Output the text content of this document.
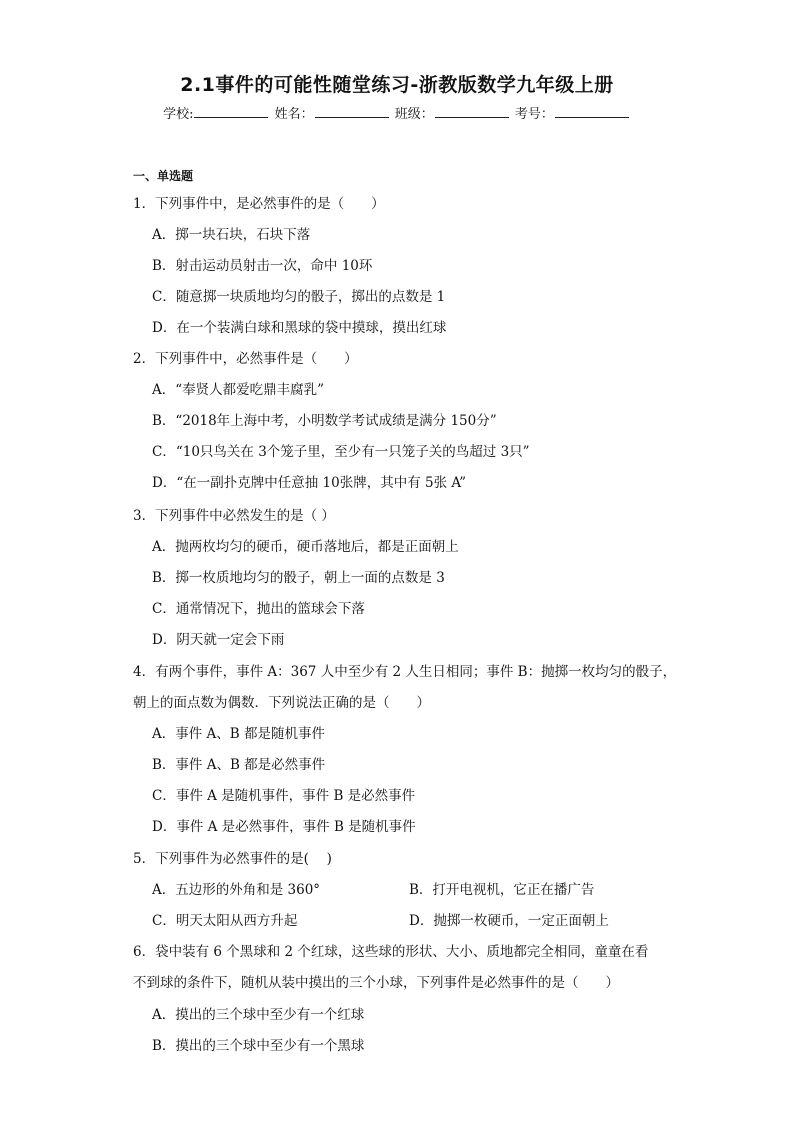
2.1事件的可能性随堂练习-浙教版数学九年级上册
学校:	姓名：	班级：	考号：
一、单选题
1．下列事件中，是必然事件的是（　　）
A．掷一块石块，石块下落
B．射击运动员射击一次，命中 10环
C．随意掷一块质地均匀的骰子，掷出的点数是 1
D．在一个装满白球和黑球的袋中摸球，摸出红球
2．下列事件中，必然事件是（　　）
A．“奉贤人都爱吃鼎丰腐乳”
B．“2018年上海中考，小明数学考试成绩是满分 150分”
C．“10只鸟关在 3个笼子里，至少有一只笼子关的鸟超过 3只”
D．“在一副扑克牌中任意抽 10张牌，其中有 5张 A”
3．下列事件中必然发生的是（ ）
A．抛两枚均匀的硬币，硬币落地后，都是正面朝上
B．掷一枚质地均匀的骰子，朝上一面的点数是 3
C．通常情况下，抛出的篮球会下落
D．阴天就一定会下雨
4．有两个事件，事件 A：367 人中至少有 2 人生日相同；事件 B：抛掷一枚均匀的骰子，
朝上的面点数为偶数．下列说法正确的是（　　）
A．事件 A、B 都是随机事件
B．事件 A、B 都是必然事件
C．事件 A 是随机事件，事件 B 是必然事件
D．事件 A 是必然事件，事件 B 是随机事件
5．下列事件为必然事件的是(　 )
A．五边形的外角和是 360°	B．打开电视机，它正在播广告
C．明天太阳从西方升起	D．抛掷一枚硬币，一定正面朝上
6．袋中装有 6 个黑球和 2 个红球，这些球的形状、大小、质地都完全相同，童童在看
不到球的条件下，随机从装中摸出的三个小球，下列事件是必然事件的是（　　）
A．摸出的三个球中至少有一个红球
B．摸出的三个球中至少有一个黑球
